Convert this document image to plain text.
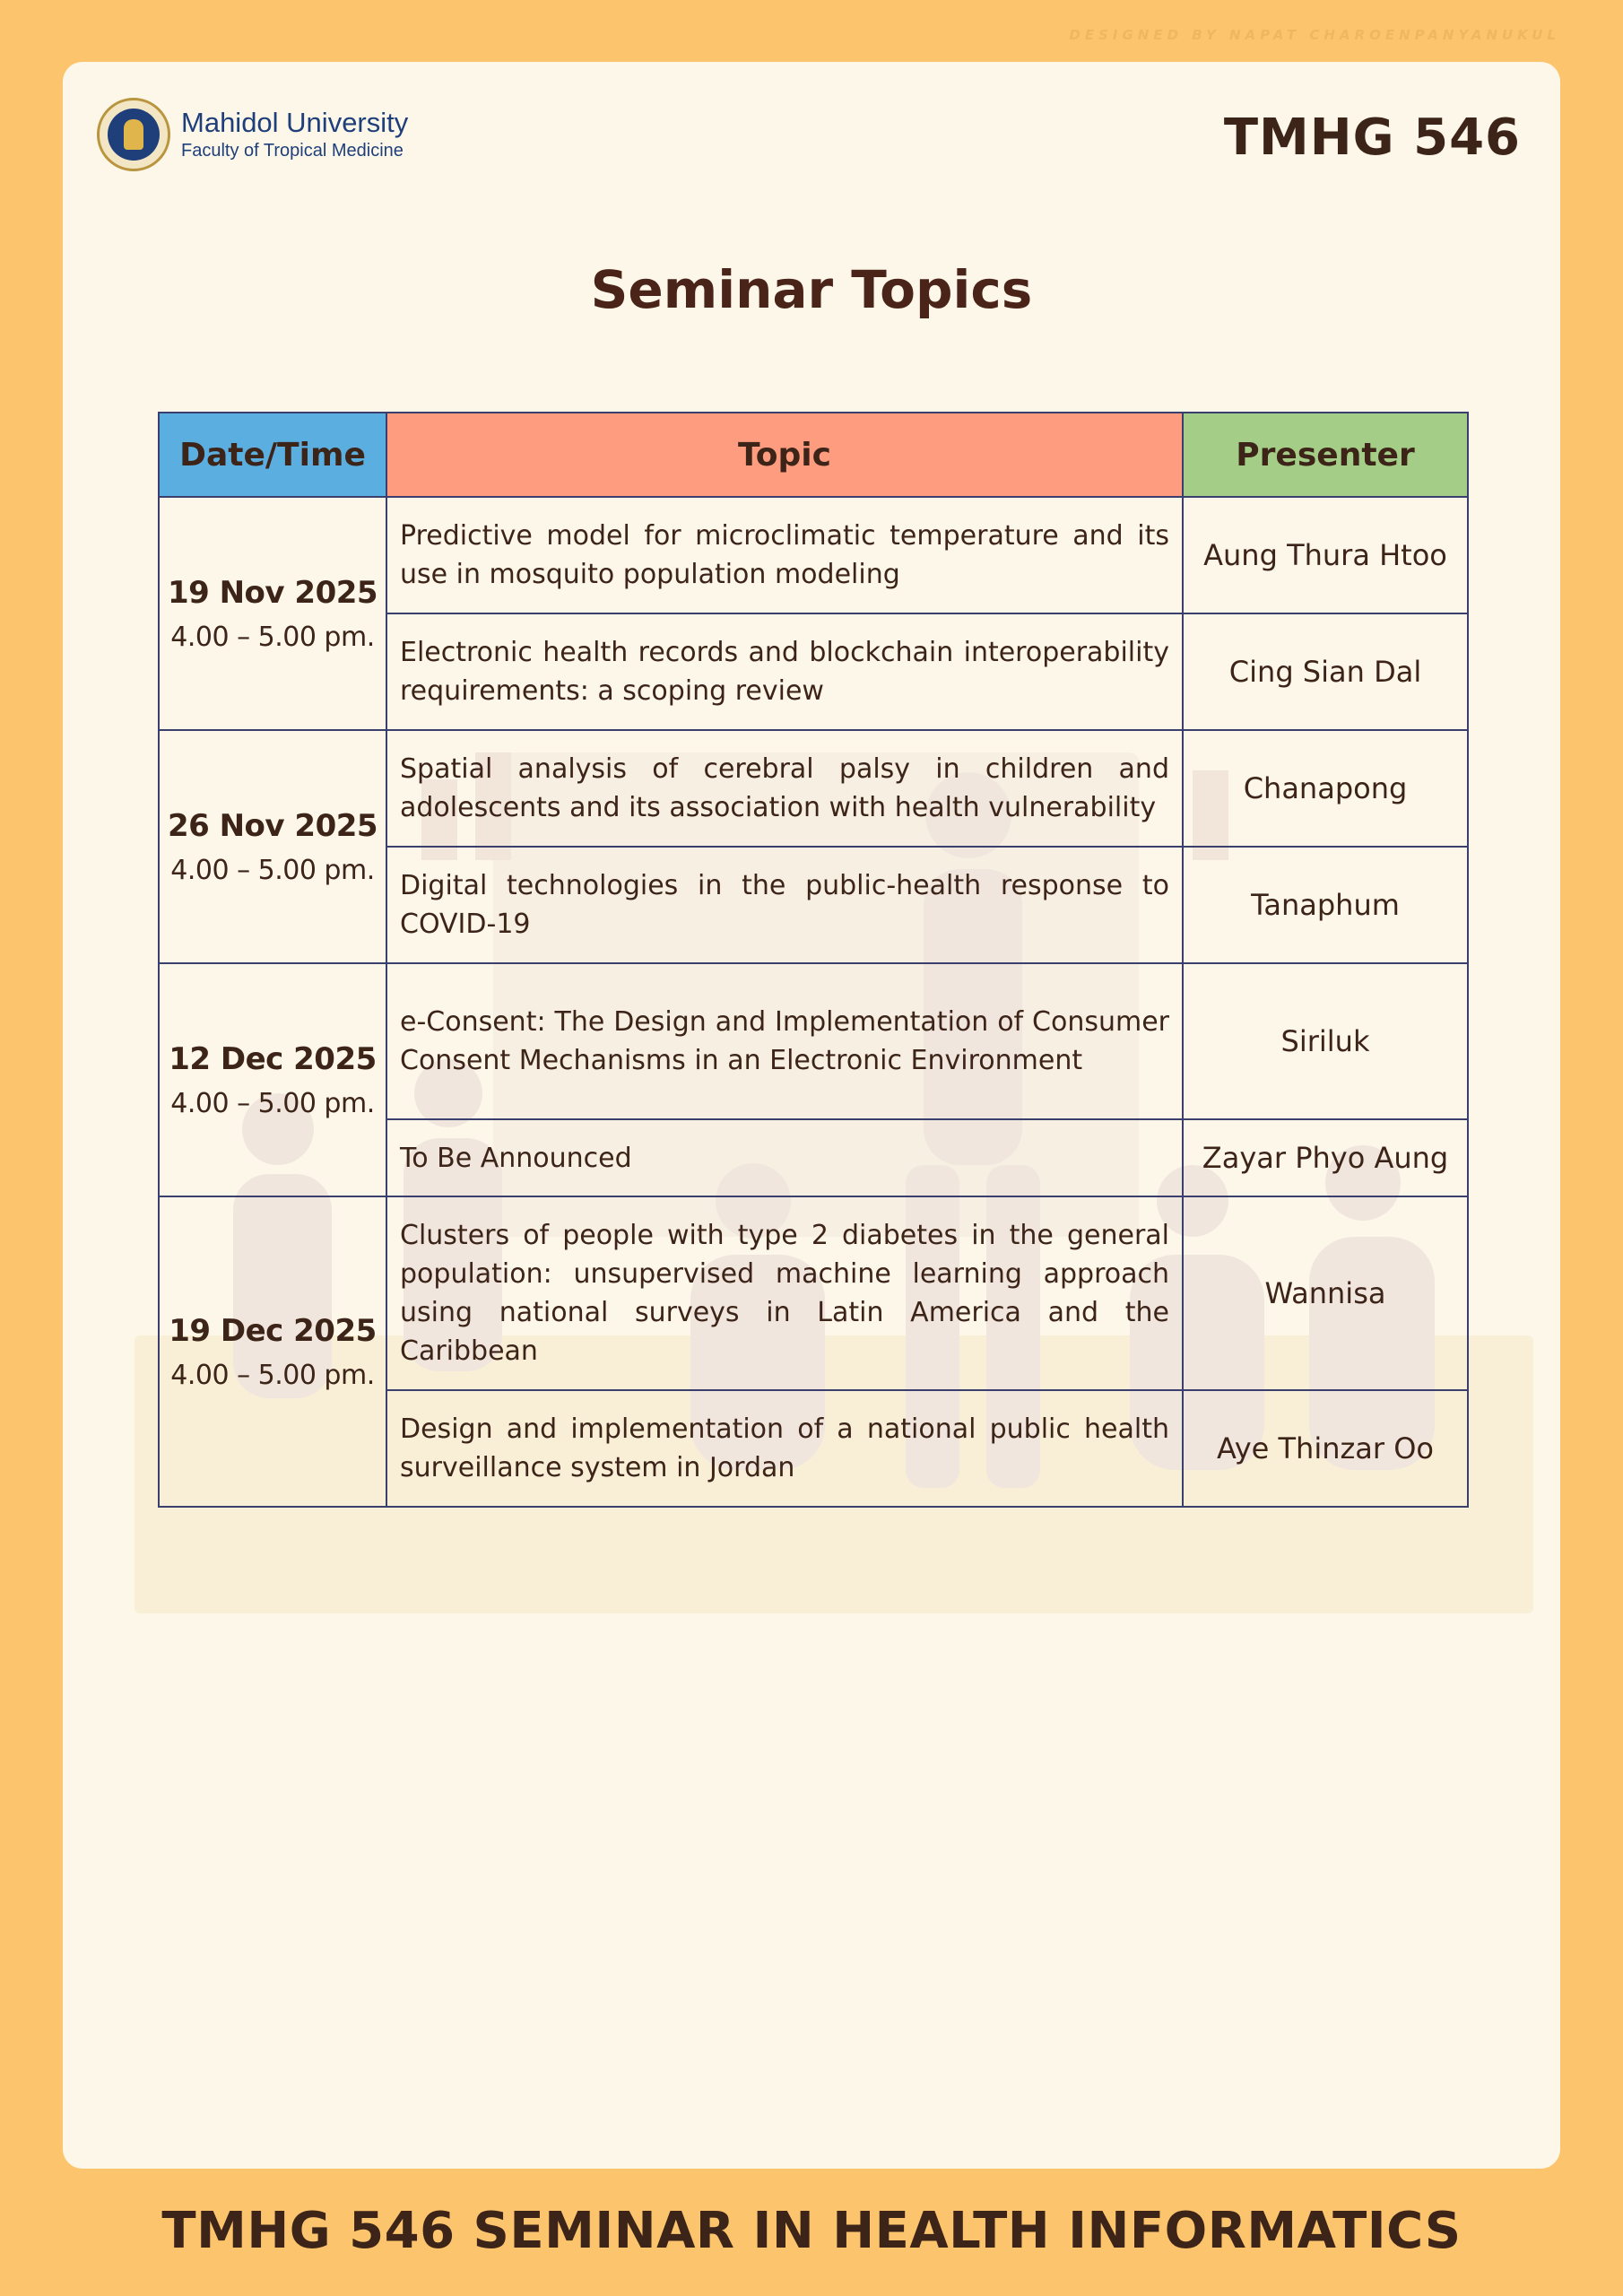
DESIGNED BY NAPAT CHAROENPANYANUKUL
Mahidol University
Faculty of Tropical Medicine	TMHG 546
Seminar Topics
Date/Time	Topic	Presenter

19 Nov 2025
4.00 – 5.00 pm.	Predictive model for microclimatic temperature and its use in mosquito population modeling	Aung Thura Htoo
	Electronic health records and blockchain interoperability requirements: a scoping review	Cing Sian Dal

26 Nov 2025
4.00 – 5.00 pm.	Spatial analysis of cerebral palsy in children and adolescents and its association with health vulnerability	Chanapong
	Digital technologies in the public-health response to COVID-19	Tanaphum

12 Dec 2025
4.00 – 5.00 pm.	e-Consent: The Design and Implementation of Consumer Consent Mechanisms in an Electronic Environment	Siriluk
	To Be Announced	Zayar Phyo Aung

19 Dec 2025
4.00 – 5.00 pm.	Clusters of people with type 2 diabetes in the general population: unsupervised machine learning approach using national surveys in Latin America and the Caribbean	Wannisa
	Design and implementation of a national public health surveillance system in Jordan	Aye Thinzar Oo
TMHG 546 SEMINAR IN HEALTH INFORMATICS
